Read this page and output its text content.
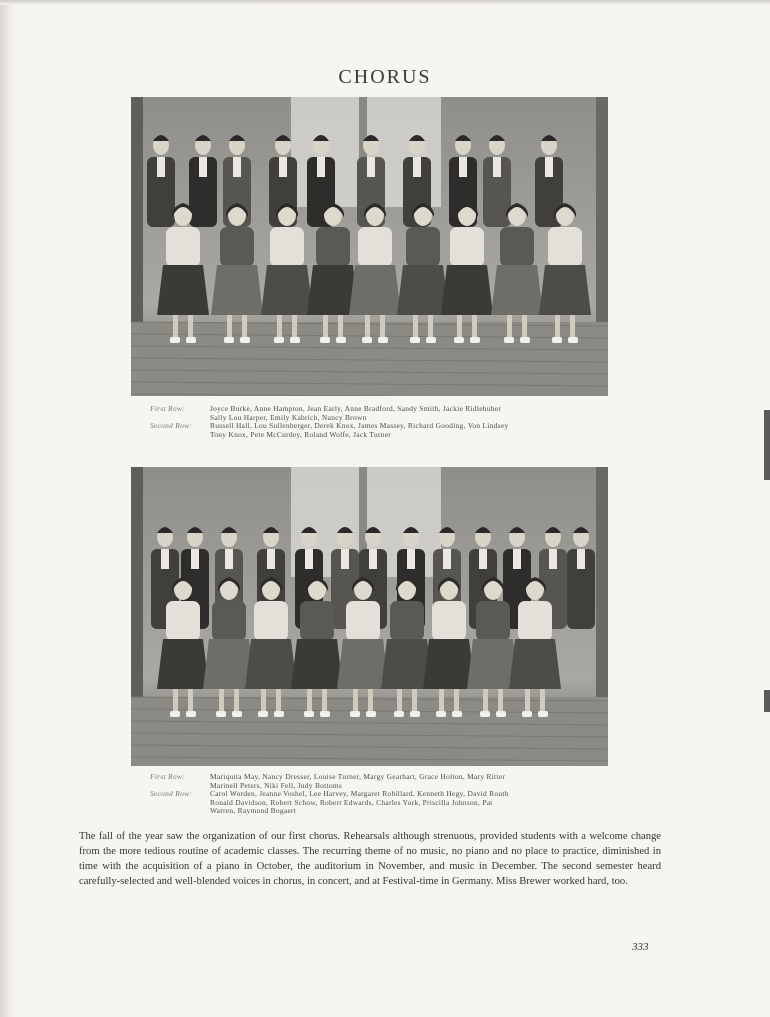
CHORUS
First Row:	Joyce Burke, Anne Hampton, Jean Early, Anne Bradford, Sandy Smith, Jackie Ridlehuber
Sally Lou Harper, Emily Kabrich, Nancy Brown
Second Row:	Russell Hall, Lou Sullenberger, Derek Knox, James Massey, Richard Gooding, Von Lindsey
Tony Knox, Pete McCurdey, Roland Wolfe, Jack Turner
First Row:	Mariquita May, Nancy Dresser, Louise Turner, Margy Gearhart, Grace Holton, Mary Ritter
Marinell Peters, Niki Fell, Judy Bottoms
Second Row:	Carol Worden, Jeanne Voshel, Lee Harvey, Margaret Robillard, Kenneth Hegy, David Routh
Ronald Davidson, Robert Schow, Robert Edwards, Charles York, Priscilla Johnson, Pat
Warren, Raymond Bogaert
The fall of the year saw the organization of our first chorus. Rehearsals although strenuous, provided students with a welcome change from the more tedious routine of academic classes. The recurring theme of no music, no piano and no place to practice, diminished in time with the acquisition of a piano in October, the auditorium in November, and music in December. The second semester heard carefully-selected and well-blended voices in chorus, in concert, and at Festival-time in Germany. Miss Brewer worked hard, too.
333
